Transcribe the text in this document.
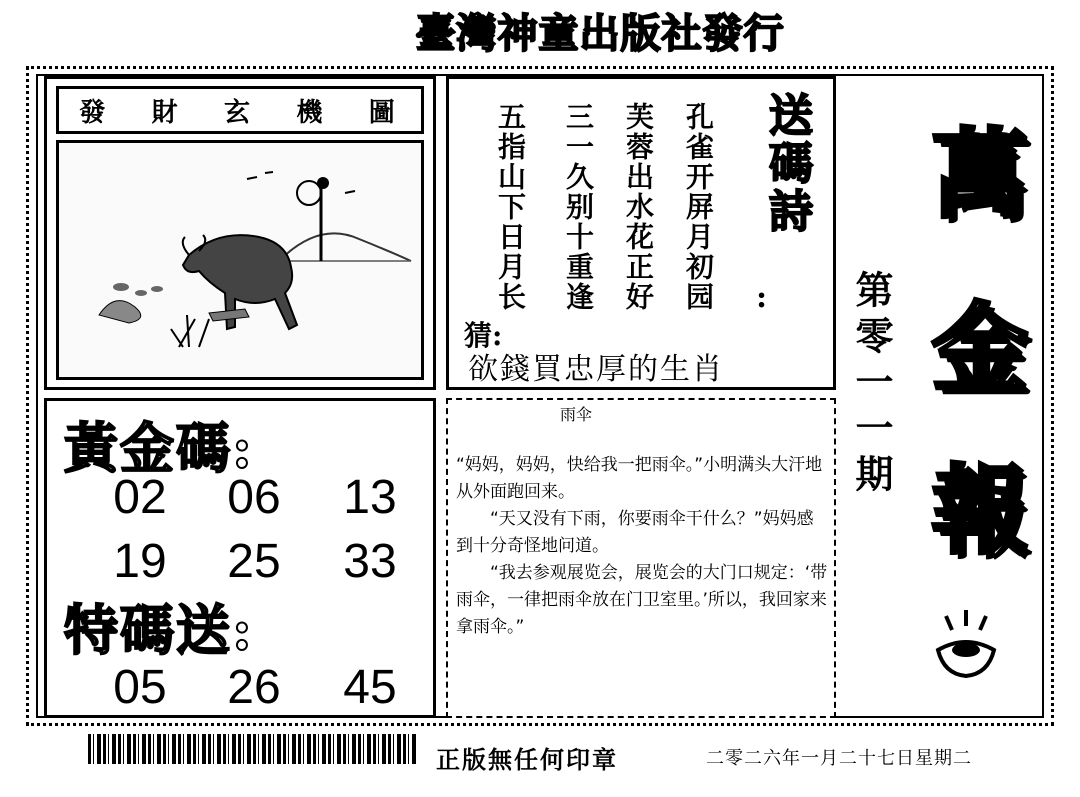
臺灣神童出版社發行
發 財 玄 機 圖	孔雀开屏月初园
芙蓉出水花正好
三一久别十重逢
五指山下日月长	送碼詩
:
猜:
欲錢買忠厚的生肖
萬
金
報
第零一一期
黃金碼:
02	06	13
19	25	33
特碼送:
05	26	45
雨伞

“妈妈，妈妈，快给我一把雨伞。”小明满头大汗地从外面跑回来。

“天又没有下雨，你要雨伞干什么？”妈妈感到十分奇怪地问道。

“我去参观展览会，展览会的大门口规定：‘带雨伞，一律把雨伞放在门卫室里。’所以，我回家来拿雨伞。”

正版無任何印章	二零二六年一月二十七日星期二
